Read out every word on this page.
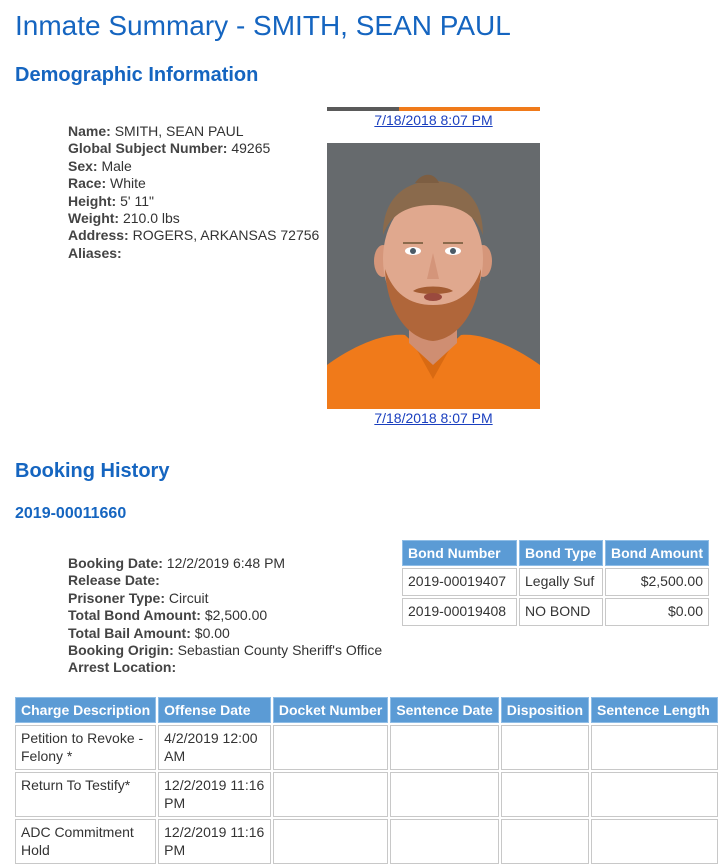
Inmate Summary - SMITH, SEAN PAUL
Demographic Information
Name: SMITH, SEAN PAUL
Global Subject Number: 49265
Sex: Male
Race: White
Height: 5' 11"
Weight: 210.0 lbs
Address: ROGERS, ARKANSAS 72756
Aliases:
7/18/2018 8:07 PM
7/18/2018 8:07 PM
Booking History
2019-00011660
Booking Date: 12/2/2019 6:48 PM
Release Date:
Prisoner Type: Circuit
Total Bond Amount: $2,500.00
Total Bail Amount: $0.00
Booking Origin: Sebastian County Sheriff's Office
Arrest Location:
Bond Number	Bond Type	Bond Amount
2019-00019407	Legally Suf	$2,500.00
2019-00019408	NO BOND	$0.00
Charge Description	Offense Date	Docket Number	Sentence Date	Disposition	Sentence Length
Petition to Revoke - Felony *	4/2/2019 12:00 AM				
Return To Testify*	12/2/2019 11:16 PM				
ADC Commitment Hold	12/2/2019 11:16 PM				
